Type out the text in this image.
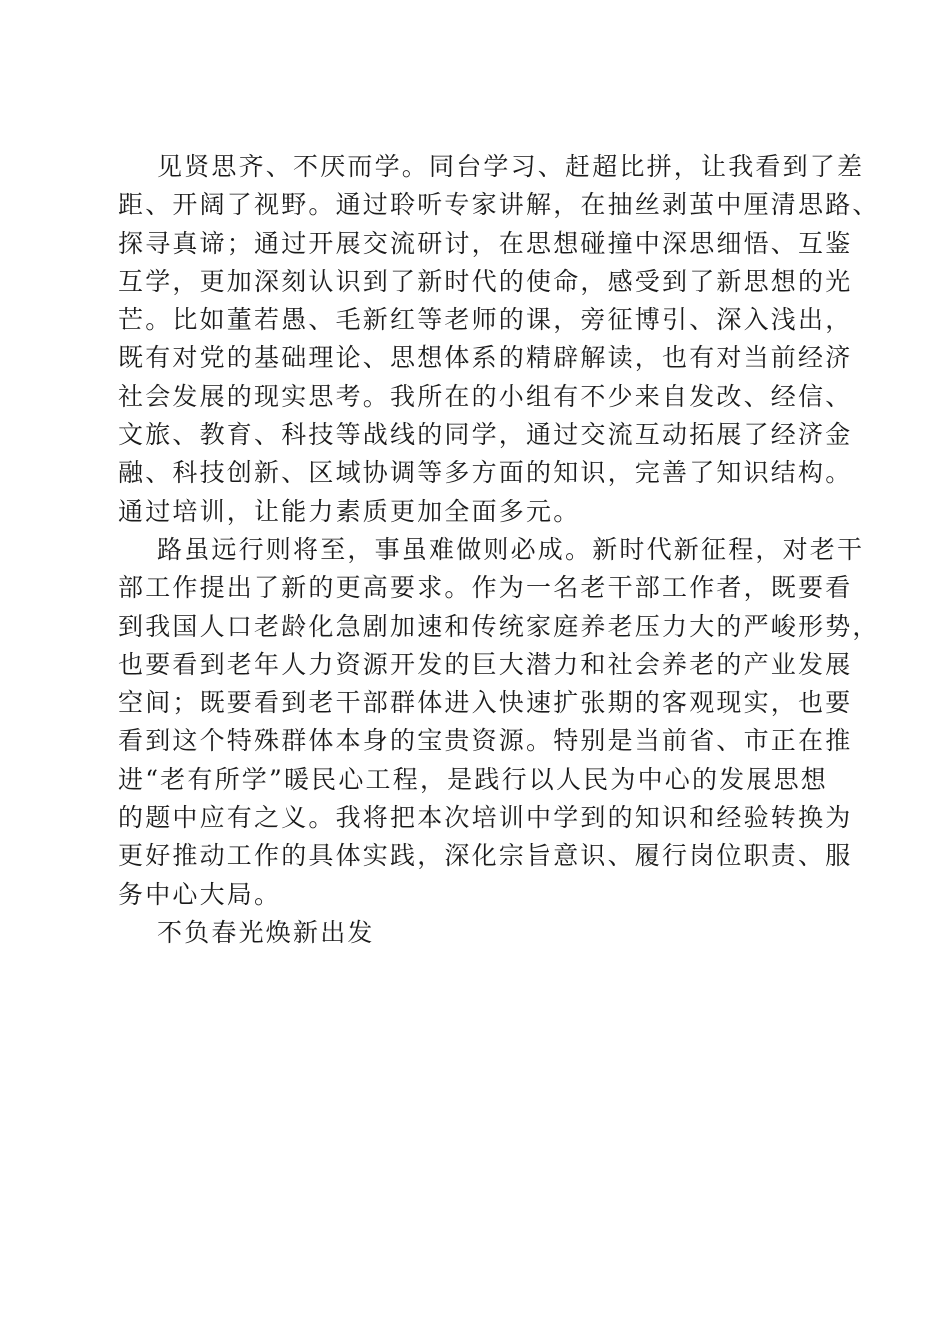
见贤思齐、不厌而学。同台学习、赶超比拼，让我看到了差
距、开阔了视野。通过聆听专家讲解，在抽丝剥茧中厘清思路、
探寻真谛；通过开展交流研讨，在思想碰撞中深思细悟、互鉴
互学，更加深刻认识到了新时代的使命，感受到了新思想的光
芒。比如董若愚、毛新红等老师的课，旁征博引、深入浅出，
既有对党的基础理论、思想体系的精辟解读，也有对当前经济
社会发展的现实思考。我所在的小组有不少来自发改、经信、
文旅、教育、科技等战线的同学，通过交流互动拓展了经济金
融、科技创新、区域协调等多方面的知识，完善了知识结构。
通过培训，让能力素质更加全面多元。

路虽远行则将至，事虽难做则必成。新时代新征程，对老干
部工作提出了新的更高要求。作为一名老干部工作者，既要看
到我国人口老龄化急剧加速和传统家庭养老压力大的严峻形势，
也要看到老年人力资源开发的巨大潜力和社会养老的产业发展
空间；既要看到老干部群体进入快速扩张期的客观现实，也要
看到这个特殊群体本身的宝贵资源。特别是当前省、市正在推
进“老有所学”暖民心工程，是践行以人民为中心的发展思想
的题中应有之义。我将把本次培训中学到的知识和经验转换为
更好推动工作的具体实践，深化宗旨意识、履行岗位职责、服
务中心大局。

不负春光焕新出发
